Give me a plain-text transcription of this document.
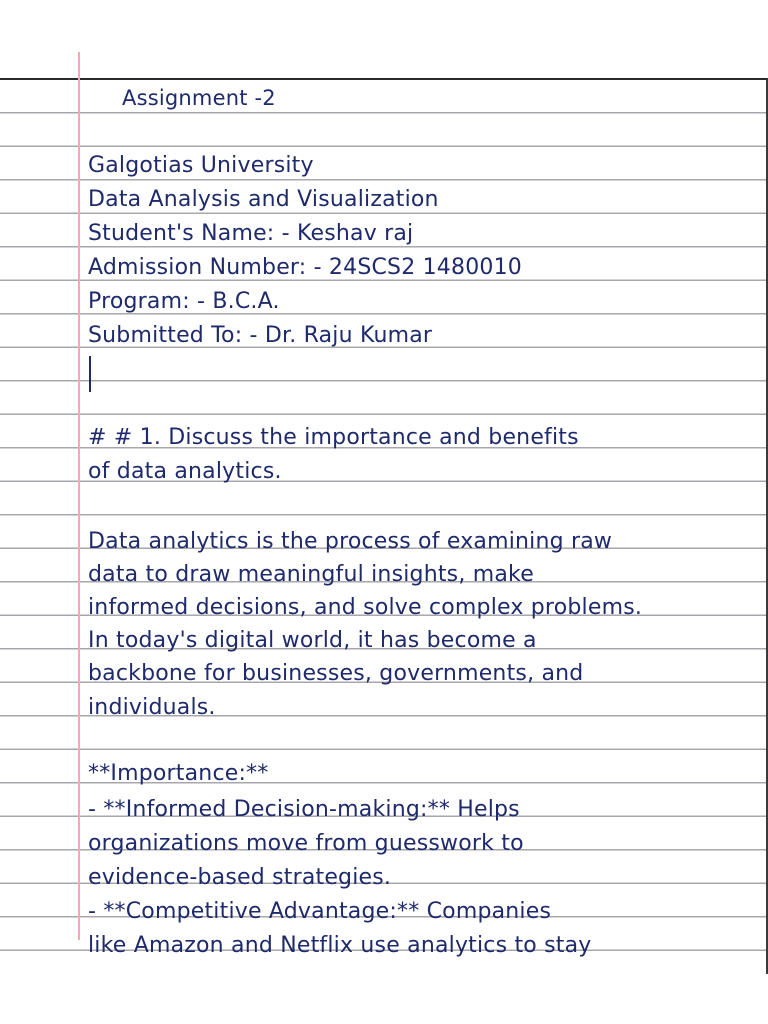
Assignment -2
Galgotias University
Data Analysis and Visualization
Student's Name: - Keshav raj
Admission Number: - 24SCS2 1480010
Program: - B.C.A.
Submitted To: - Dr. Raju Kumar
# # 1. Discuss the importance and benefits
of data analytics.
Data analytics is the process of examining raw
data to draw meaningful insights, make
informed decisions, and solve complex problems.
In today's digital world, it has become a
backbone for businesses, governments, and
individuals.
**Importance:**
- **Informed Decision-making:** Helps
organizations move from guesswork to
evidence-based strategies.
- **Competitive Advantage:** Companies
like Amazon and Netflix use analytics to stay
